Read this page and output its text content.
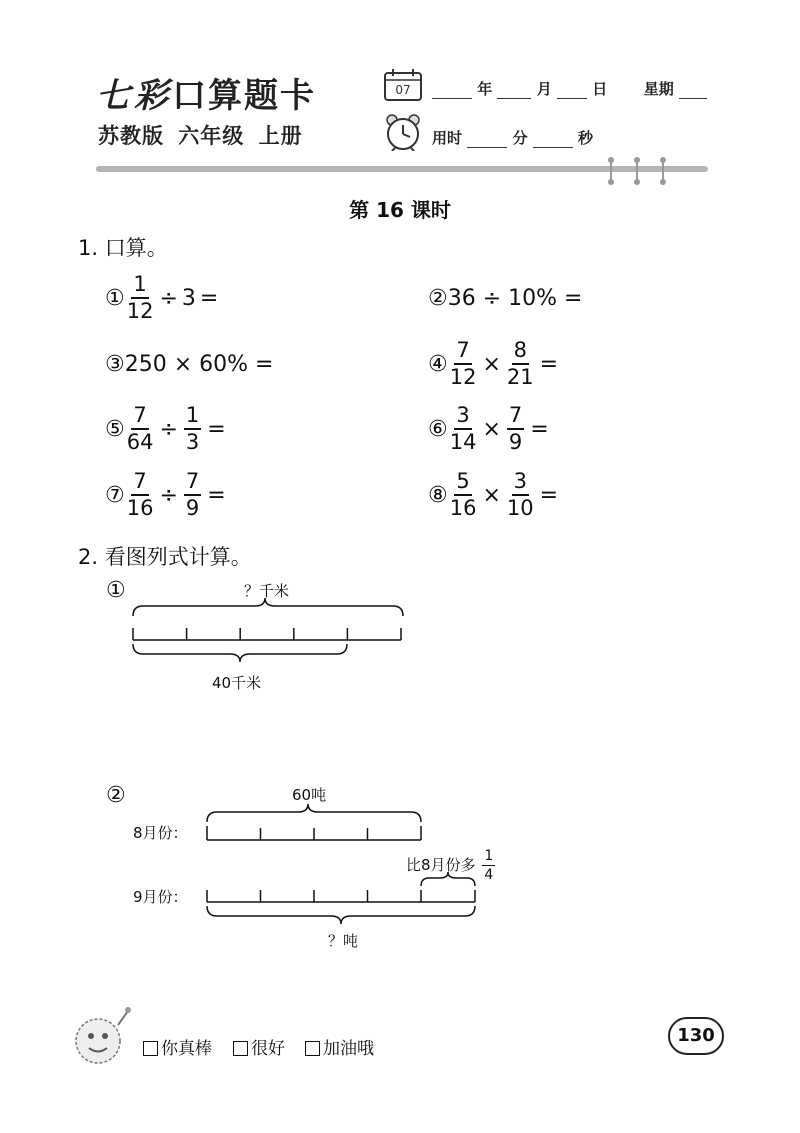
七彩口算题卡
苏教版 六年级 上册
07	年	月	日 星期
用时	分	秒
第 16 课时
1. 口算。
① $\frac{1}{12} \div 3$ =	② 36 ÷ 10% =
③ 250 × 60% =	④ $\frac{7}{12} \times \frac{8}{21}$ =
⑤ $\frac{7}{64} \div \frac{1}{3}$ =	⑥ $\frac{3}{14} \times \frac{7}{9}$ =
⑦ $\frac{7}{16} \div \frac{7}{9}$ =	⑧ $\frac{5}{16} \times \frac{3}{10}$ =
2. 看图列式计算。
①	？千米
40千米
②	60吨
8月份：
9月份：
比8月份多 $\frac{1}{4}$
？吨
你真棒	很好	加油哦
130
